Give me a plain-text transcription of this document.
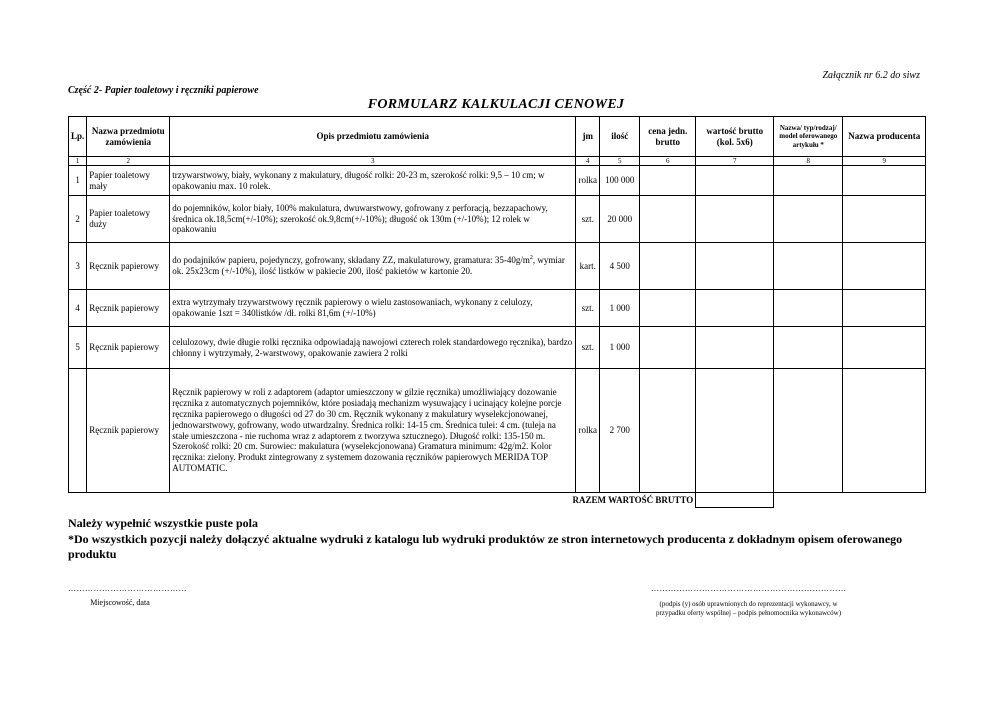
Załącznik nr 6.2 do siwz
Część 2- Papier toaletowy i ręczniki papierowe
FORMULARZ KALKULACJI CENOWEJ
Lp.	Nazwa przedmiotu zamówienia	Opis przedmiotu zamówienia	jm	ilość	cena jedn. brutto	wartość brutto (kol. 5x6)	Nazwa/ typ/rodzaj/ model oferowanego artykułu *	Nazwa producenta
1	2	3	4	5	6	7	8	9
1	Papier toaletowy mały	trzywarstwowy, biały, wykonany z makulatury, długość rolki: 20-23 m, szerokość rolki: 9,5 – 10 cm; w opakowaniu max. 10 rolek.	rolka	100 000				
2	Papier toaletowy duży	do pojemników, kolor biały, 100% makulatura, dwuwarstwowy, gofrowany z perforacją, bezzapachowy, średnica ok.18,5cm(+/-10%); szerokość ok.9,8cm(+/-10%); długość ok 130m (+/-10%); 12 rolek w opakowaniu	szt.	20 000				
3	Ręcznik papierowy	do podajników papieru, pojedynczy, gofrowany, składany ZZ, makulaturowy, gramatura: $35-40g/m^2$, wymiar ok. 25x23cm (+/-10%), ilość listków w pakiecie 200, ilość pakietów w kartonie 20.	kart.	4 500				
4	Ręcznik papierowy	extra wytrzymały trzywarstwowy ręcznik papierowy o wielu zastosowaniach, wykonany z celulozy, opakowanie 1szt = 340listków /dł. rolki 81,6m (+/-10%)	szt.	1 000				
5	Ręcznik papierowy	celulozowy, dwie długie rolki ręcznika odpowiadają nawojowi czterech rolek standardowego ręcznika), bardzo chłonny i wytrzymały, 2-warstwowy, opakowanie zawiera 2 rolki	szt.	1 000				
	Ręcznik papierowy	Ręcznik papierowy w roli z adaptorem (adaptor umieszczony w gilzie ręcznika) umożliwiający dozowanie ręcznika z automatycznych pojemników, które posiadają mechanizm wysuwający i ucinający kolejne porcje ręcznika papierowego o długości od 27 do 30 cm. Ręcznik wykonany z makulatury wyselekcjonowanej, jednowarstwowy, gofrowany, wodo utwardzalny. Średnica rolki: 14-15 cm. Średnica tulei: 4 cm. (tuleja na stałe umieszczona - nie ruchoma wraz z adaptorem z tworzywa sztucznego). Długość rolki: 135-150 m. Szerokość rolki: 20 cm. Surowiec: makulatura (wyselekcjonowana) Gramatura minimum: 42g/m2. Kolor ręcznika: zielony. Produkt zintegrowany z systemem dozowania ręczników papierowych MERIDA TOP AUTOMATIC.	rolka	2 700				
RAZEM WARTOŚĆ BRUTTO								
Należy wypełnić wszystkie puste pola
*Do wszystkich pozycji należy dołączyć aktualne wydruki z katalogu lub wydruki produktów ze stron internetowych producenta z dokładnym opisem oferowanego produktu
……………………………………	……………………………………………………………
Miejscowość, data	(podpis (y) osób uprawnionych do reprezentacji wykonawcy, w przypadku oferty wspólnej – podpis pełnomocnika wykonawców)
